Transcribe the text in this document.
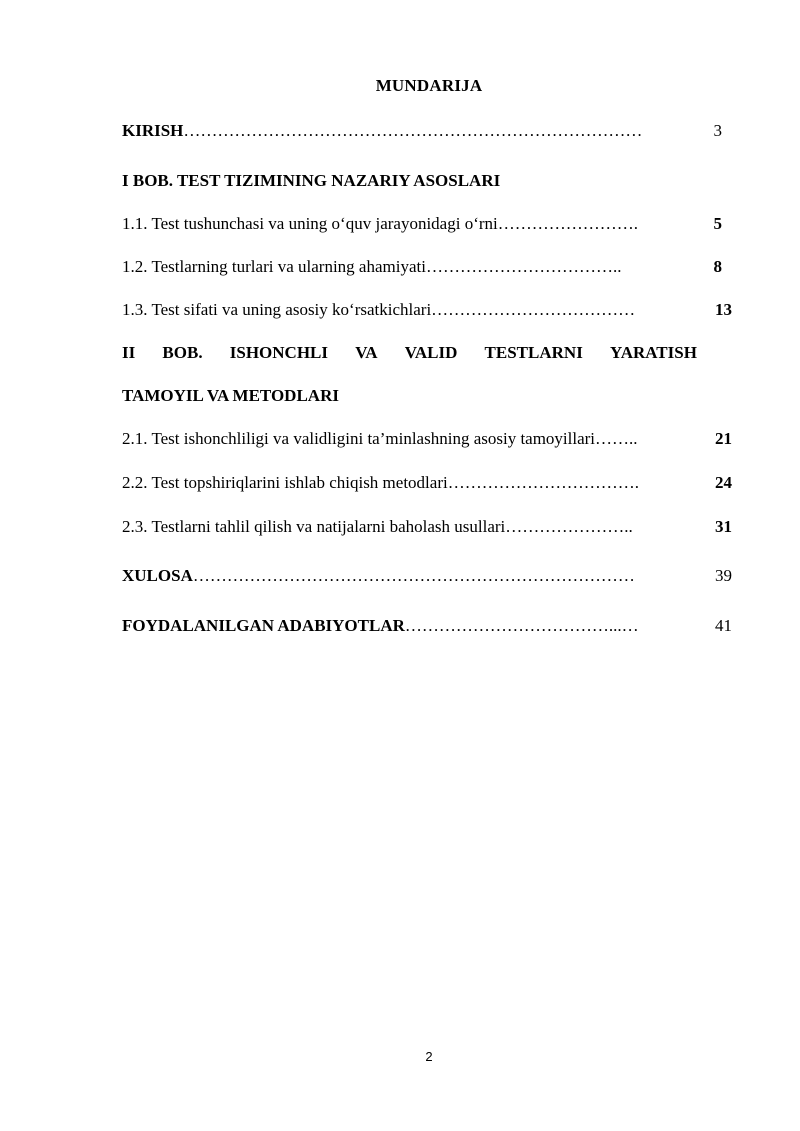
MUNDARIJA
KIRISH………………………………………………………………………	3
I BOB. TEST TIZIMINING NAZARIY ASOSLARI
1.1. Test tushunchasi va uning o‘quv jarayonidagi o‘rni…………………….	5
1.2. Testlarning turlari va ularning ahamiyati……………………………..	8
1.3. Test sifati va uning asosiy ko‘rsatkichlari………………………………	13
II BOB. ISHONCHLI VA VALID TESTLARNI YARATISH
TAMOYIL VA METODLARI
2.1. Test ishonchliligi va validligini ta’minlashning asosiy tamoyillari……..	21
2.2. Test topshiriqlarini ishlab chiqish metodlari…………………………….	24
2.3. Testlarni tahlil qilish va natijalarni baholash usullari…………………..	31
XULOSA……………………………………………………………………	39
FOYDALANILGAN ADABIYOTLAR………………………………...…	41
2
